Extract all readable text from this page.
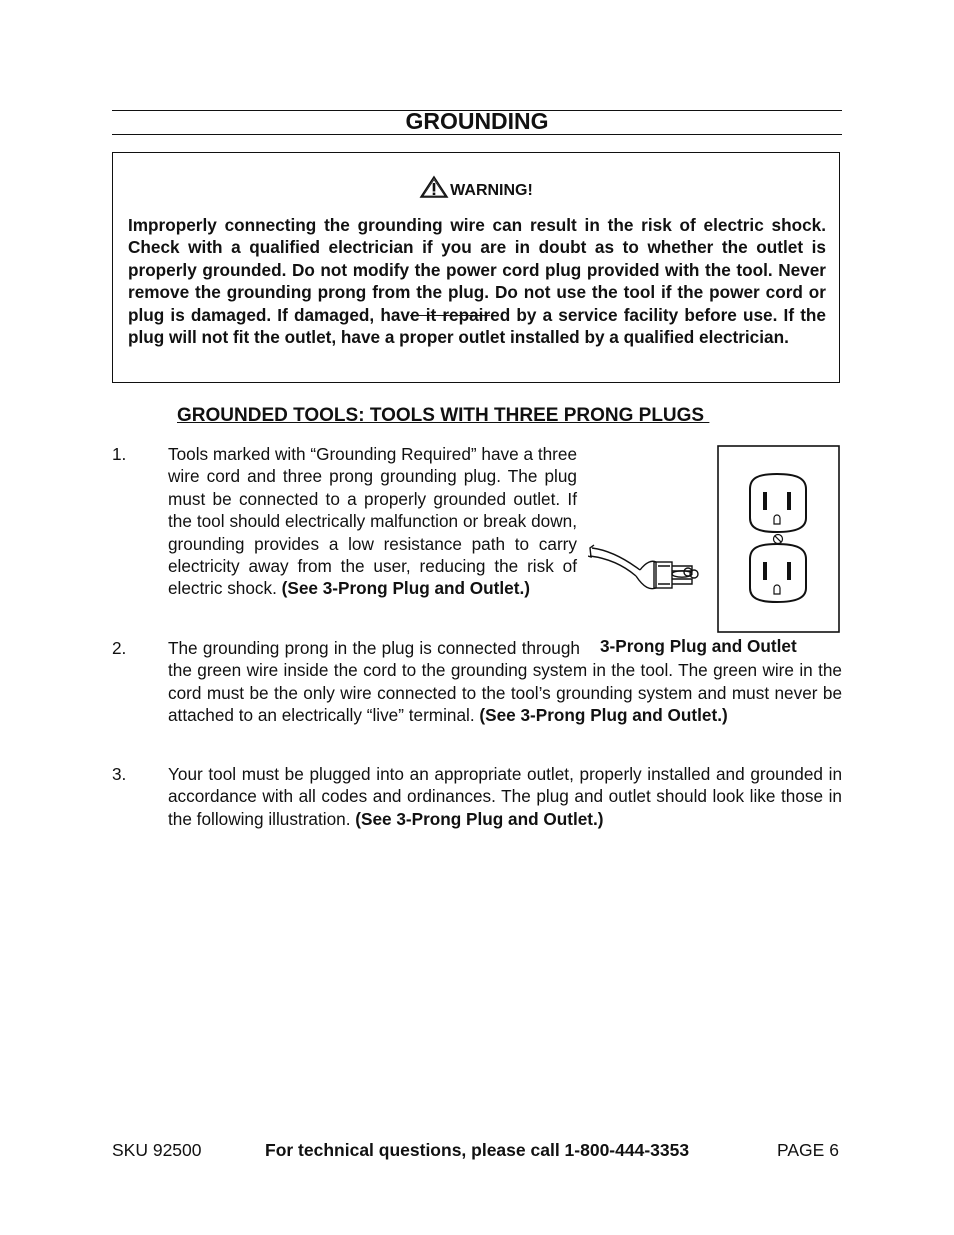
GROUNDING
WARNING!
Improperly connecting the grounding wire can result in the risk of electric shock. Check with a qualified electrician if you are in doubt as to whether the outlet is properly grounded. Do not modify the power cord plug provided with the tool. Never remove the grounding prong from the plug. Do not use the tool if the power cord or plug is damaged. If damaged, have it repaired by a service facility before use. If the plug will not fit the outlet, have a proper outlet installed by a qualified electrician.
GROUNDED TOOLS: TOOLS WITH THREE PRONG PLUGS
1. Tools marked with “Grounding Required” have a three wire cord and three prong grounding plug. The plug must be connected to a properly grounded outlet. If the tool should electrically malfunction or break down, grounding provides a low resistance path to carry electricity away from the user, reducing the risk of electric shock. (See 3-Prong Plug and Outlet.)
3-Prong Plug and Outlet
2. The grounding prong in the plug is connected through the green wire inside the cord to the grounding system in the tool. The green wire in the cord must be the only wire connected to the tool’s grounding system and must never be attached to an electrically “live” terminal. (See 3-Prong Plug and Outlet.)
3. Your tool must be plugged into an appropriate outlet, properly installed and grounded in accordance with all codes and ordinances. The plug and outlet should look like those in the following illustration. (See 3-Prong Plug and Outlet.)
SKU 92500	For technical questions, please call 1-800-444-3353	PAGE 6
